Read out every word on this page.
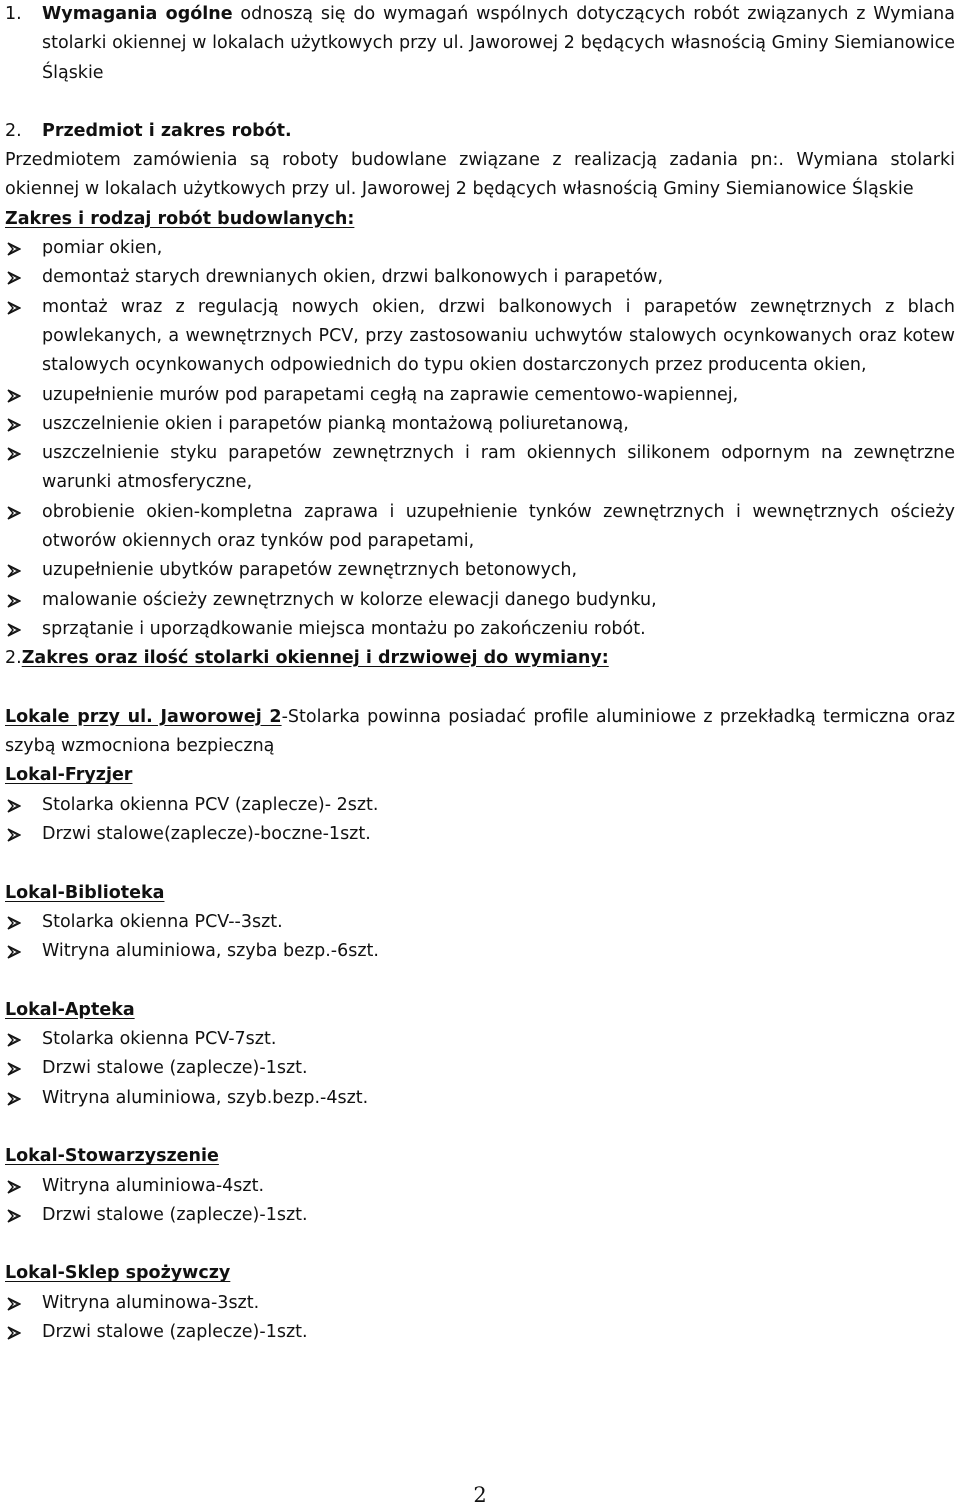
1.	Wymagania ogólne odnoszą się do wymagań wspólnych dotyczących robót związanych z Wymiana stolarki okiennej w lokalach użytkowych przy ul. Jaworowej 2 będących własnością Gminy Siemianowice Śląskie

2.	Przedmiot i zakres robót.

Przedmiotem zamówienia są roboty budowlane związane z realizacją zadania pn:. Wymiana stolarki okiennej w lokalach użytkowych przy ul. Jaworowej 2 będących własnością Gminy Siemianowice Śląskie

Zakres i rodzaj robót budowlanych:

pomiar okien,
demontaż starych drewnianych okien, drzwi balkonowych i parapetów,
montaż wraz z regulacją nowych okien, drzwi balkonowych i parapetów zewnętrznych z blach powlekanych, a wewnętrznych PCV, przy zastosowaniu uchwytów stalowych ocynkowanych oraz kotew stalowych ocynkowanych odpowiednich do typu okien dostarczonych przez producenta okien,
uzupełnienie murów pod parapetami cegłą na zaprawie cementowo-wapiennej,
uszczelnienie okien i parapetów pianką montażową poliuretanową,
uszczelnienie styku parapetów zewnętrznych i ram okiennych silikonem odpornym na zewnętrzne warunki atmosferyczne,
obrobienie okien-kompletna zaprawa i uzupełnienie tynków zewnętrznych i wewnętrznych ościeży otworów okiennych oraz tynków pod parapetami,
uzupełnienie ubytków parapetów zewnętrznych betonowych,
malowanie ościeży zewnętrznych w kolorze elewacji danego budynku,
sprzątanie i uporządkowanie miejsca montażu po zakończeniu robót.

2.Zakres oraz ilość stolarki okiennej i drzwiowej do wymiany:

Lokale przy ul. Jaworowej 2-Stolarka powinna posiadać profile aluminiowe z przekładką termiczna oraz szybą wzmocniona bezpieczną

Lokal-Fryzjer

Stolarka okienna PCV (zaplecze)- 2szt.
Drzwi stalowe(zaplecze)-boczne-1szt.

Lokal-Biblioteka

Stolarka okienna PCV--3szt.
Witryna aluminiowa, szyba bezp.-6szt.

Lokal-Apteka

Stolarka okienna PCV-7szt.
Drzwi stalowe (zaplecze)-1szt.
Witryna aluminiowa, szyb.bezp.-4szt.

Lokal-Stowarzyszenie

Witryna aluminiowa-4szt.
Drzwi stalowe (zaplecze)-1szt.

Lokal-Sklep spożywczy

Witryna aluminowa-3szt.
Drzwi stalowe (zaplecze)-1szt.
2
